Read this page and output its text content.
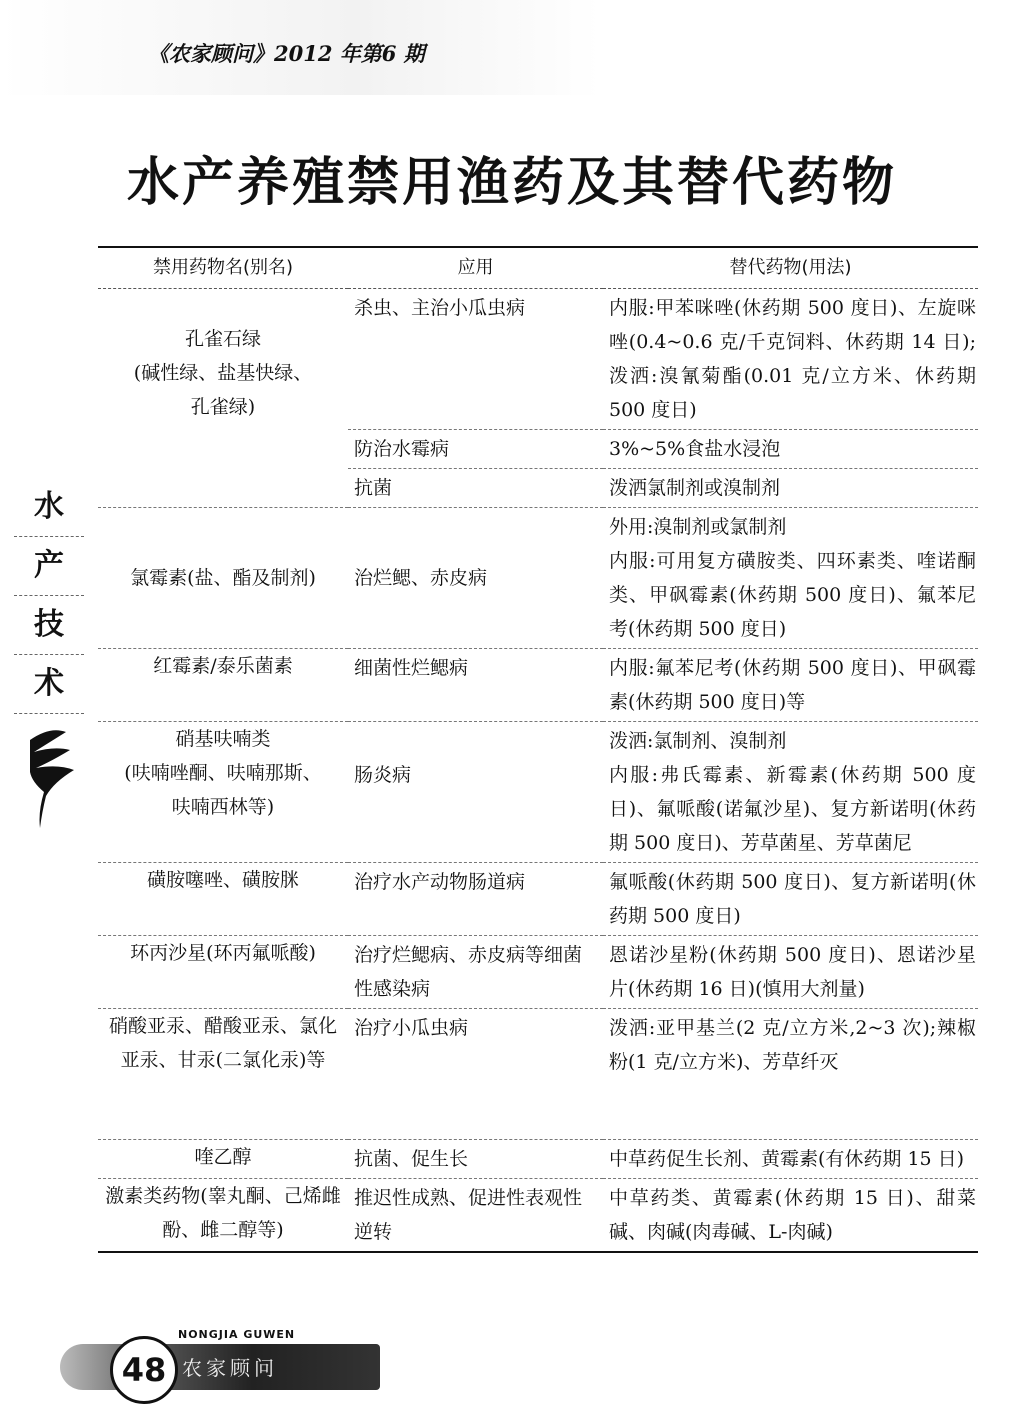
《农家顾问》2012 年第6 期
水产养殖禁用渔药及其替代药物
水
产
技
术
禁用药物名(别名)	应用	替代药物(用法)
孔雀石绿
(碱性绿、盐基快绿、
孔雀绿)	杀虫、主治小瓜虫病	内服:甲苯咪唑(休药期 500 度日)、左旋咪唑(0.4~0.6 克/千克饲料、休药期 14 日);泼洒:溴氰菊酯(0.01 克/立方米、休药期 500 度日)
	防治水霉病	3%~5%食盐水浸泡
	抗菌	泼洒氯制剂或溴制剂
氯霉素(盐、酯及制剂)	治烂鳃、赤皮病	外用:溴制剂或氯制剂
内服:可用复方磺胺类、四环素类、喹诺酮类、甲砜霉素(休药期 500 度日)、氟苯尼考(休药期 500 度日)
红霉素/泰乐菌素	细菌性烂鳃病	内服:氟苯尼考(休药期 500 度日)、甲砜霉素(休药期 500 度日)等
硝基呋喃类
(呋喃唑酮、呋喃那斯、
呋喃西林等)	肠炎病	泼洒:氯制剂、溴制剂
内服:弗氏霉素、新霉素(休药期 500 度日)、氟哌酸(诺氟沙星)、复方新诺明(休药期 500 度日)、芳草菌星、芳草菌尼
磺胺噻唑、磺胺脒	治疗水产动物肠道病	氟哌酸(休药期 500 度日)、复方新诺明(休药期 500 度日)
环丙沙星(环丙氟哌酸)	治疗烂鳃病、赤皮病等细菌性感染病	恩诺沙星粉(休药期 500 度日)、恩诺沙星片(休药期 16 日)(慎用大剂量)
硝酸亚汞、醋酸亚汞、氯化亚汞、甘汞(二氯化汞)等	治疗小瓜虫病	泼洒:亚甲基兰(2 克/立方米,2~3 次);辣椒粉(1 克/立方米)、芳草纤灭
喹乙醇	抗菌、促生长	中草药促生长剂、黄霉素(有休药期 15 日)
激素类药物(睾丸酮、己烯雌酚、雌二醇等)	推迟性成熟、促进性表观性逆转	中草药类、黄霉素(休药期 15 日)、甜菜碱、肉碱(肉毒碱、L-肉碱)
48
NONGJIA GUWEN
农家顾问
